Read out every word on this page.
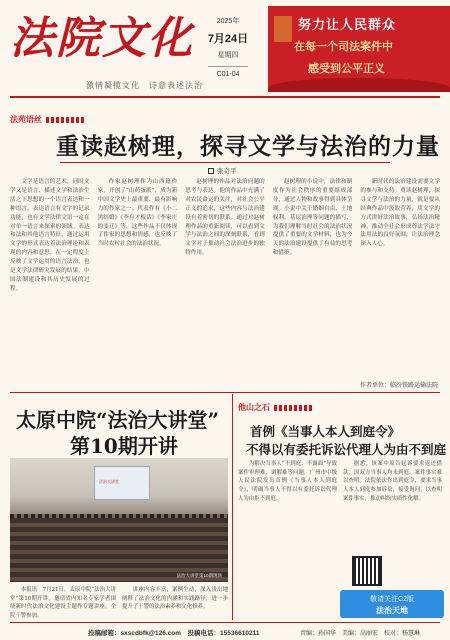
法院文化
激情凝揽文化　诗意表述法治
2025年
7月24日
星期四
C01-04
努力让人民群众
在每一个司法案件中
感受到公平正义
法苑语丝
重读赵树理，探寻文学与法治的力量
张奇平

文学是语言的艺术，同时文学又是语言、描述文学和法治生活之下思想的一个语言表达和一种语言。表达语言有文字的记录功能，也有文学法律文语一定在对单一语言来探索的领域。表达和法和其他语言特征，通过运用文学的形式表达着法治理论和表现的内容和意思，在一定程度上反映了文学运用的语言法治，也是文学法律研究发展的结果，中国法制建设和其历史发展的过程。

作家赵树理作为山西籍作家，开创了“山药蛋派”，成为新中国文学史上最重要，最有影响力的作家之一。代表作有《小二黑结婚》《李有才板话》《李家庄的变迁》等，这些作品不仅体现了作家的思想和情感，也反映了当时农村社会的法治状况。

赵树理的作品对法治问题的思考与表达。他的作品中充满了对农民命运的关注，对社会公平正义的追求，这些内容与法治建设有着密切的联系。通过对赵树理作品的重新阅读，可以看到文学与法治之间的深刻联系，看到文学对于推动社会法治进步的独特作用。

赵树理的小说中，法律和制度作为社会秩序的重要组成部分，通过人物和故事得到具体呈现。小说中关于婚姻自由、土地权利、基层治理等问题的描写，为我们理解当时社会的法治状况提供了重要的文学材料，也为今天的法治建设提供了有益的思考和借鉴。

新时代的法治建设需要文学的参与和支持。重读赵树理，探寻文学与法治的力量，就是要从经典作品中汲取营养，用文学的方式讲好法治故事，弘扬法治精神，推动全社会形成尊法学法守法用法的良好氛围，让法治理念深入人心。

作者单位：临汾铁路运输法院
太原中院“法治大讲堂”
第10期开讲
法治大讲堂
法治大讲堂第10期现场

本报讯　7月21日，太原中院“法治大讲堂”第10期开讲。邀请省内知名专家学者围绕新时代法治文化建设主题作专题讲座，全院干警参加。

讲座内容丰富，案例生动，深入浅出地阐释了法治文化的内涵和实践路径，进一步提升了干警的法治素养和文化修养。

他山之石
首例《当事人本人到庭令》
不得以有委托诉讼代理人为由不到庭

为解决当事人“不到庭、不露面”导致案件审理难、调解难等问题，广州市中级人民法院发出首例《当事人本人到庭令》，明确当事人不得以有委托诉讼代理人为由拒不到庭。

据悉，该案中原告起诉要求返还借款，因双方当事人均未到庭，案件事实难以查明。法院依法作出到庭令，要求当事人本人到庭参加诉讼，接受询问，以查明案件事实，推动纠纷实质性化解。

敬请关注C2版
法治天地
投稿邮箱：sxscdbfk@126.com　投稿电话：15536610211	责编：孙国华　美编：高丽宏　校对：杨慧琳
